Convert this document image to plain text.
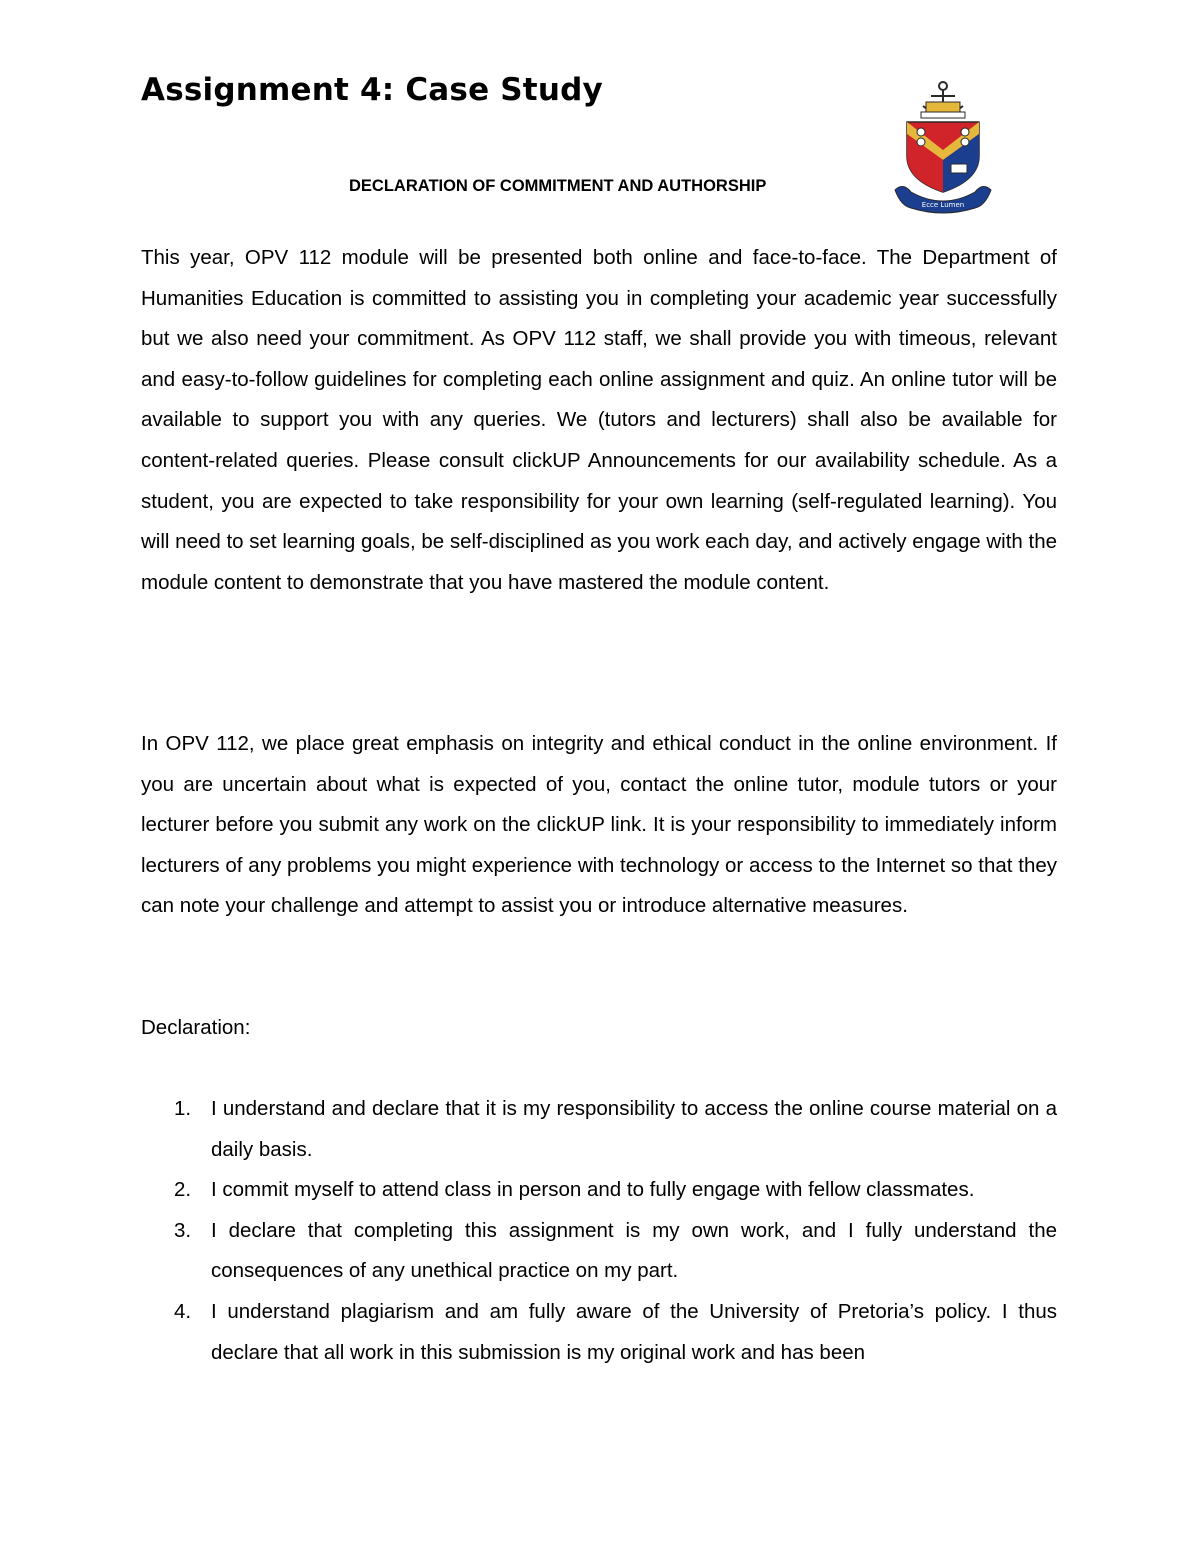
Assignment 4: Case Study
Ecce Lumen
DECLARATION OF COMMITMENT AND AUTHORSHIP

This year, OPV 112 module will be presented both online and face-to-face. The Department of Humanities Education is committed to assisting you in completing your academic year successfully but we also need your commitment. As OPV 112 staff, we shall provide you with timeous, relevant and easy-to-follow guidelines for completing each online assignment and quiz. An online tutor will be available to support you with any queries. We (tutors and lecturers) shall also be available for content-related queries. Please consult clickUP Announcements for our availability schedule. As a student, you are expected to take responsibility for your own learning (self-regulated learning). You will need to set learning goals, be self-disciplined as you work each day, and actively engage with the module content to demonstrate that you have mastered the module content.

In OPV 112, we place great emphasis on integrity and ethical conduct in the online environment. If you are uncertain about what is expected of you, contact the online tutor, module tutors or your lecturer before you submit any work on the clickUP link. It is your responsibility to immediately inform lecturers of any problems you might experience with technology or access to the Internet so that they can note your challenge and attempt to assist you or introduce alternative measures.

Declaration:

1. I understand and declare that it is my responsibility to access the online course material on a daily basis.
2. I commit myself to attend class in person and to fully engage with fellow classmates.
3. I declare that completing this assignment is my own work, and I fully understand the consequences of any unethical practice on my part.
4. I understand plagiarism and am fully aware of the University of Pretoria’s policy. I thus declare that all work in this submission is my original work and has been
